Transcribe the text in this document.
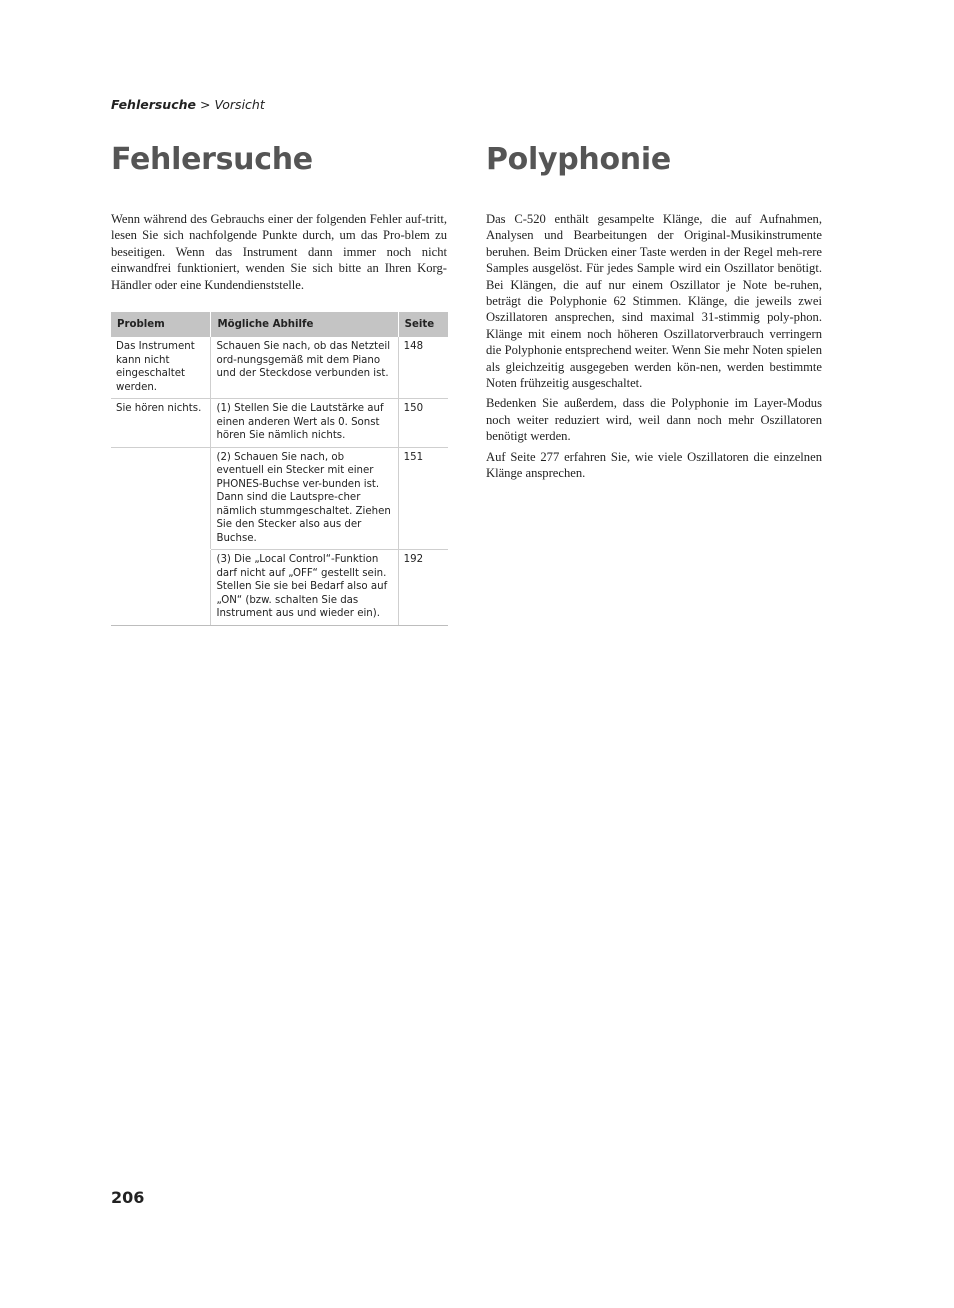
Fehlersuche > Vorsicht
Fehlersuche	Polyphonie

Wenn während des Gebrauchs einer der folgenden Fehler auf-tritt, lesen Sie sich nachfolgende Punkte durch, um das Pro-blem zu beseitigen. Wenn das Instrument dann immer noch nicht einwandfrei funktioniert, wenden Sie sich bitte an Ihren Korg-Händler oder eine Kundendienststelle.

Problem	Mögliche Abhilfe	Seite
Das Instrument kann nicht eingeschaltet werden.	Schauen Sie nach, ob das Netzteil ord-nungsgemäß mit dem Piano und der Steckdose verbunden ist.	148
Sie hören nichts.	(1) Stellen Sie die Lautstärke auf einen anderen Wert als 0. Sonst hören Sie nämlich nichts.	150
	(2) Schauen Sie nach, ob eventuell ein Stecker mit einer PHONES-Buchse ver-bunden ist. Dann sind die Lautspre-cher nämlich stummgeschaltet. Ziehen Sie den Stecker also aus der Buchse.	151
	(3) Die „Local Control“-Funktion darf nicht auf „OFF“ gestellt sein. Stellen Sie sie bei Bedarf also auf „ON“ (bzw. schalten Sie das Instrument aus und wieder ein).	192

Das C-520 enthält gesampelte Klänge, die auf Aufnahmen, Analysen und Bearbeitungen der Original-Musikinstrumente beruhen. Beim Drücken einer Taste werden in der Regel meh-rere Samples ausgelöst. Für jedes Sample wird ein Oszillator benötigt. Bei Klängen, die auf nur einem Oszillator je Note be-ruhen, beträgt die Polyphonie 62 Stimmen. Klänge, die jeweils zwei Oszillatoren ansprechen, sind maximal 31-stimmig poly-phon. Klänge mit einem noch höheren Oszillatorverbrauch verringern die Polyphonie entsprechend weiter. Wenn Sie mehr Noten spielen als gleichzeitig ausgegeben werden kön-nen, werden bestimmte Noten frühzeitig ausgeschaltet.

Bedenken Sie außerdem, dass die Polyphonie im Layer-Modus noch weiter reduziert wird, weil dann noch mehr Oszillatoren benötigt werden.

Auf Seite 277 erfahren Sie, wie viele Oszillatoren die einzelnen Klänge ansprechen.

206
